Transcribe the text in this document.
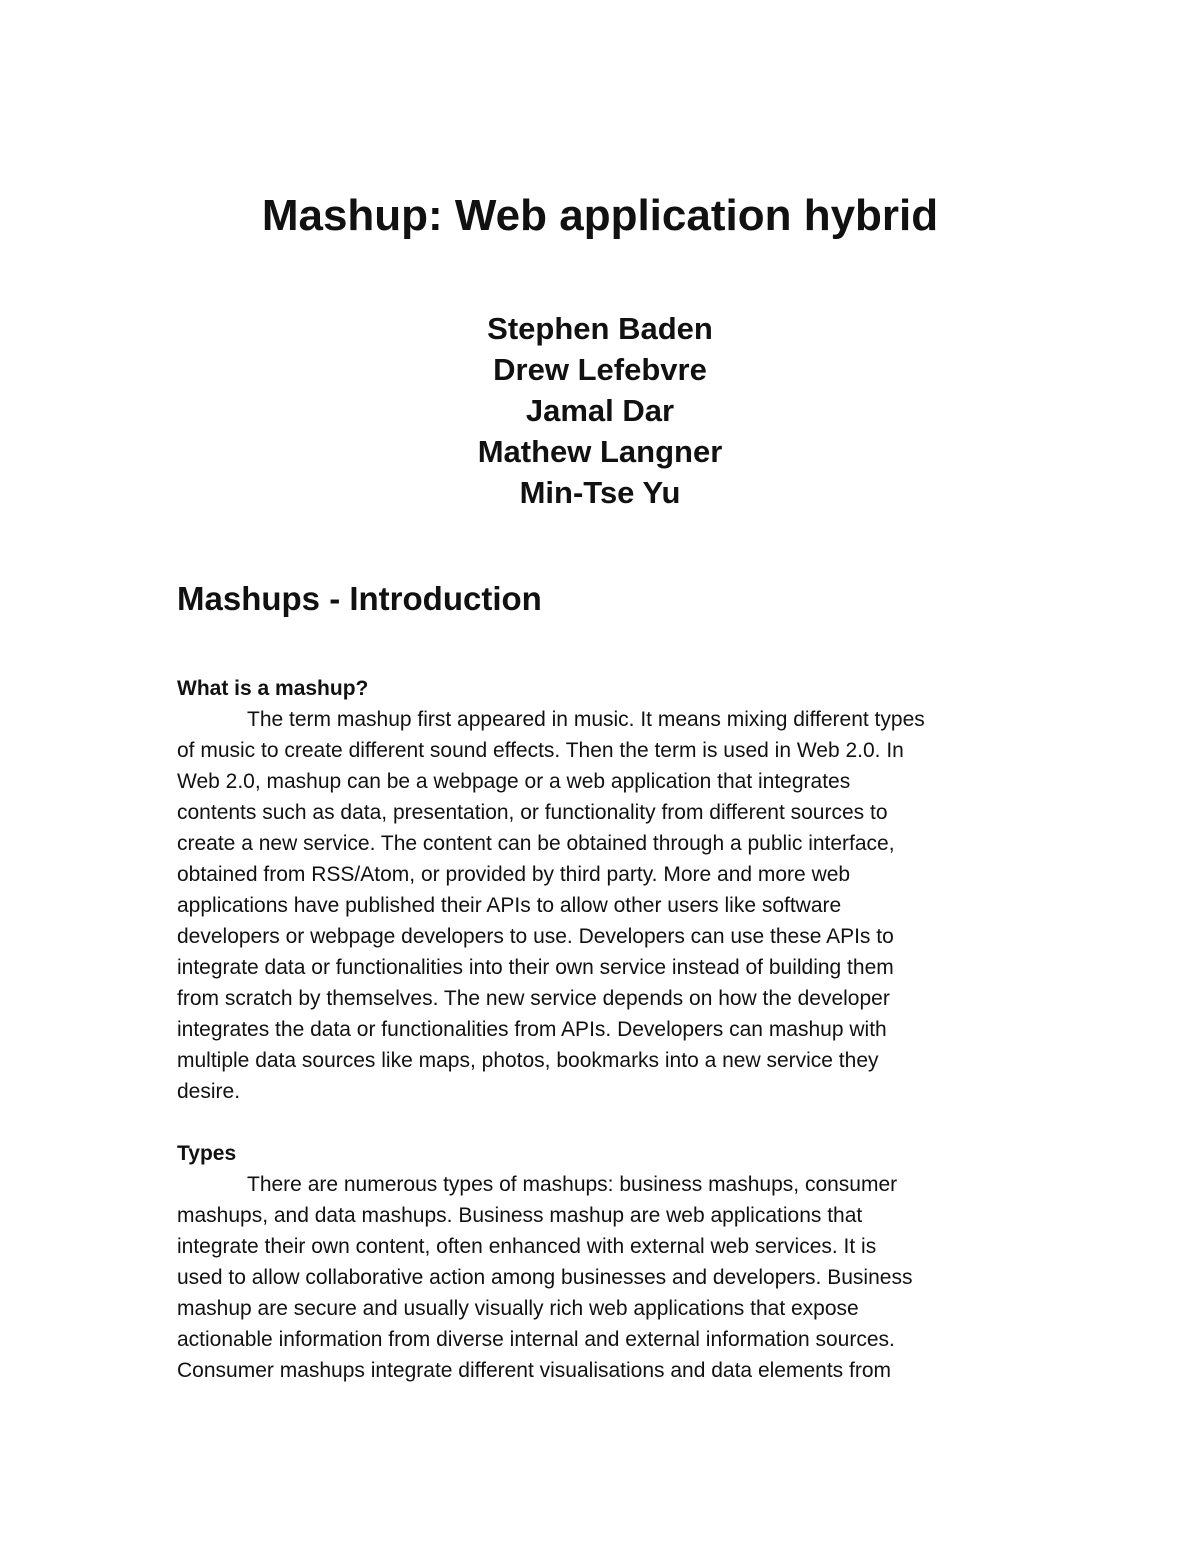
Mashup: Web application hybrid
Stephen Baden
Drew Lefebvre
Jamal Dar
Mathew Langner
Min-Tse Yu
Mashups - Introduction
What is a mashup?
The term mashup first appeared in music. It means mixing different types
of music to create different sound effects. Then the term is used in Web 2.0. In
Web 2.0, mashup can be a webpage or a web application that integrates
contents such as data, presentation, or functionality from different sources to
create a new service. The content can be obtained through a public interface,
obtained from RSS/Atom, or provided by third party. More and more web
applications have published their APIs to allow other users like software
developers or webpage developers to use. Developers can use these APIs to
integrate data or functionalities into their own service instead of building them
from scratch by themselves. The new service depends on how the developer
integrates the data or functionalities from APIs. Developers can mashup with
multiple data sources like maps, photos, bookmarks into a new service they
desire.
Types
There are numerous types of mashups: business mashups, consumer
mashups, and data mashups. Business mashup are web applications that
integrate their own content, often enhanced with external web services. It is
used to allow collaborative action among businesses and developers. Business
mashup are secure and usually visually rich web applications that expose
actionable information from diverse internal and external information sources.
Consumer mashups integrate different visualisations and data elements from
